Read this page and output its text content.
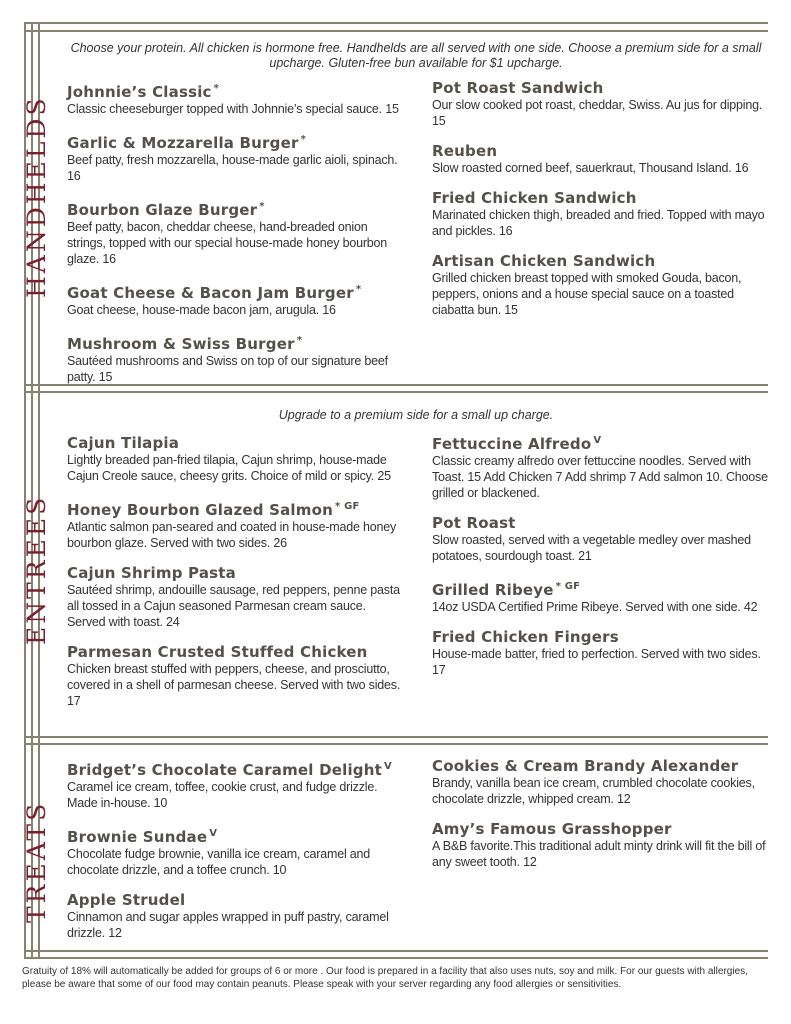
HANDHELDS
Choose your protein. All chicken is hormone free. Handhelds are all served with one side. Choose a premium side for a small upcharge. Gluten-free bun available for $1 upcharge.
Johnnie’s Classic *
Classic cheeseburger topped with Johnnie’s special sauce. 15
Garlic & Mozzarella Burger *
Beef patty, fresh mozzarella, house-made garlic aioli, spinach. 16
Bourbon Glaze Burger *
Beef patty, bacon, cheddar cheese, hand-breaded onion strings, topped with our special house-made honey bourbon glaze. 16
Goat Cheese & Bacon Jam Burger *
Goat cheese, house-made bacon jam, arugula. 16
Mushroom & Swiss Burger *
Sautéed mushrooms and Swiss on top of our signature beef patty. 15
Pot Roast Sandwich
Our slow cooked pot roast, cheddar, Swiss. Au jus for dipping. 15
Reuben
Slow roasted corned beef, sauerkraut, Thousand Island. 16
Fried Chicken Sandwich
Marinated chicken thigh, breaded and fried. Topped with mayo and pickles. 16
Artisan Chicken Sandwich
Grilled chicken breast topped with smoked Gouda, bacon, peppers, onions and a house special sauce on a toasted ciabatta bun. 15
ENTREES
Upgrade to a premium side for a small up charge.
Cajun Tilapia
Lightly breaded pan-fried tilapia, Cajun shrimp, house-made Cajun Creole sauce, cheesy grits. Choice of mild or spicy. 25
Honey Bourbon Glazed Salmon $^{* GF}$
Atlantic salmon pan-seared and coated in house-made honey bourbon glaze. Served with two sides. 26
Cajun Shrimp Pasta
Sautéed shrimp, andouille sausage, red peppers, penne pasta all tossed in a Cajun seasoned Parmesan cream sauce. Served with toast. 24
Parmesan Crusted Stuffed Chicken
Chicken breast stuffed with peppers, cheese, and prosciutto, covered in a shell of parmesan cheese. Served with two sides. 17
Fettuccine Alfredo $^V$
Classic creamy alfredo over fettuccine noodles. Served with Toast. 15 Add Chicken 7 Add shrimp 7 Add salmon 10. Choose grilled or blackened.
Pot Roast
Slow roasted, served with a vegetable medley over mashed potatoes, sourdough toast. 21
Grilled Ribeye $^{* GF}$
14oz USDA Certified Prime Ribeye. Served with one side. 42
Fried Chicken Fingers
House-made batter, fried to perfection. Served with two sides. 17
TREATS
Bridget’s Chocolate Caramel Delight $^V$
Caramel ice cream, toffee, cookie crust, and fudge drizzle. Made in-house. 10
Brownie Sundae $^V$
Chocolate fudge brownie, vanilla ice cream, caramel and chocolate drizzle, and a toffee crunch. 10
Apple Strudel
Cinnamon and sugar apples wrapped in puff pastry, caramel drizzle. 12
Cookies & Cream Brandy Alexander
Brandy, vanilla bean ice cream, crumbled chocolate cookies, chocolate drizzle, whipped cream. 12
Amy’s Famous Grasshopper
A B&B favorite.This traditional adult minty drink will fit the bill of any sweet tooth. 12
Gratuity of 18% will automatically be added for groups of 6 or more . Our food is prepared in a facility that also uses nuts, soy and milk. For our guests with allergies, please be aware that some of our food may contain peanuts. Please speak with your server regarding any food allergies or sensitivities.
